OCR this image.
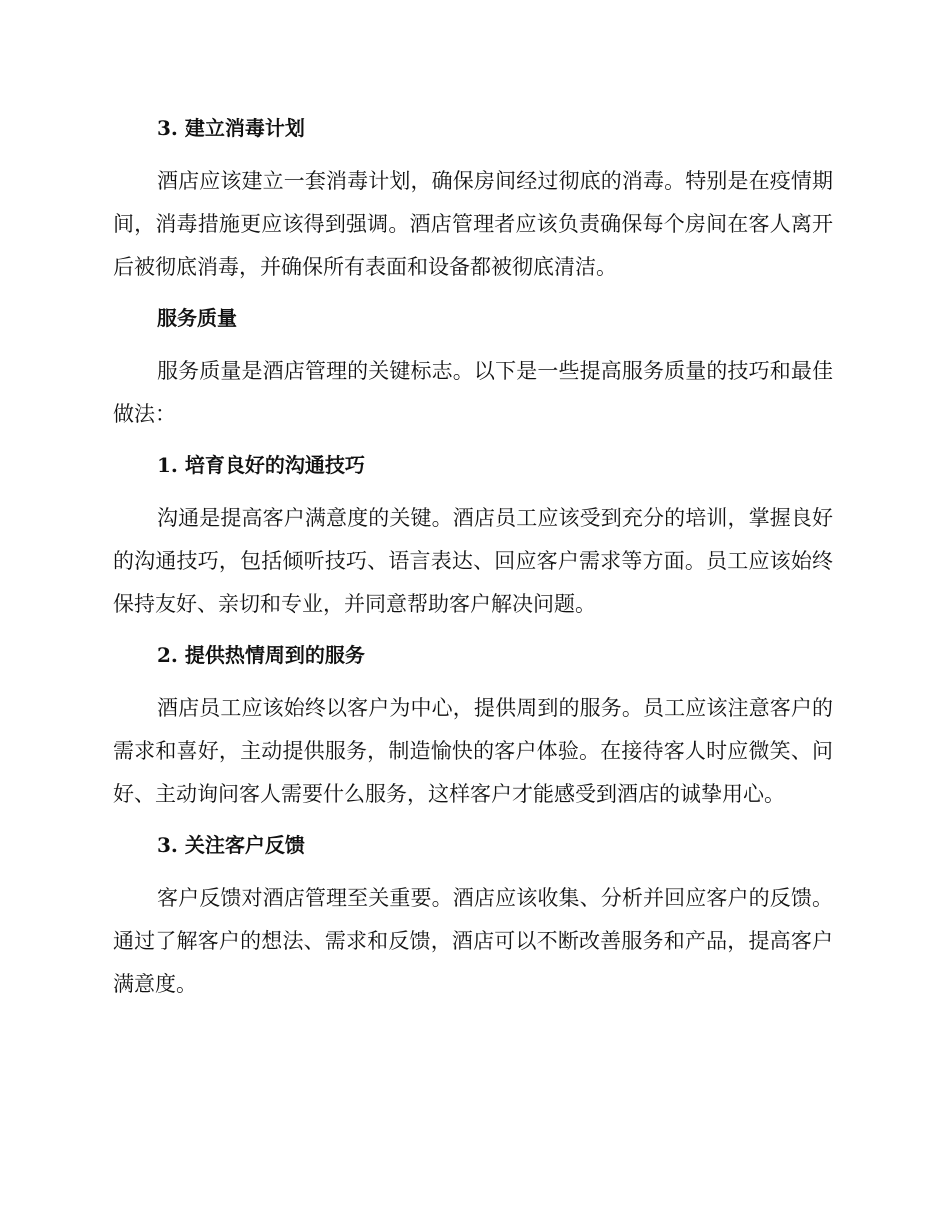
3. 建立消毒计划

酒店应该建立一套消毒计划，确保房间经过彻底的消毒。特别是在疫情期间，消毒措施更应该得到强调。酒店管理者应该负责确保每个房间在客人离开后被彻底消毒，并确保所有表面和设备都被彻底清洁。

服务质量

服务质量是酒店管理的关键标志。以下是一些提高服务质量的技巧和最佳做法：

1. 培育良好的沟通技巧

沟通是提高客户满意度的关键。酒店员工应该受到充分的培训，掌握良好的沟通技巧，包括倾听技巧、语言表达、回应客户需求等方面。员工应该始终保持友好、亲切和专业，并同意帮助客户解决问题。

2. 提供热情周到的服务

酒店员工应该始终以客户为中心，提供周到的服务。员工应该注意客户的需求和喜好，主动提供服务，制造愉快的客户体验。在接待客人时应微笑、问好、主动询问客人需要什么服务，这样客户才能感受到酒店的诚挚用心。

3. 关注客户反馈

客户反馈对酒店管理至关重要。酒店应该收集、分析并回应客户的反馈。通过了解客户的想法、需求和反馈，酒店可以不断改善服务和产品，提高客户满意度。
